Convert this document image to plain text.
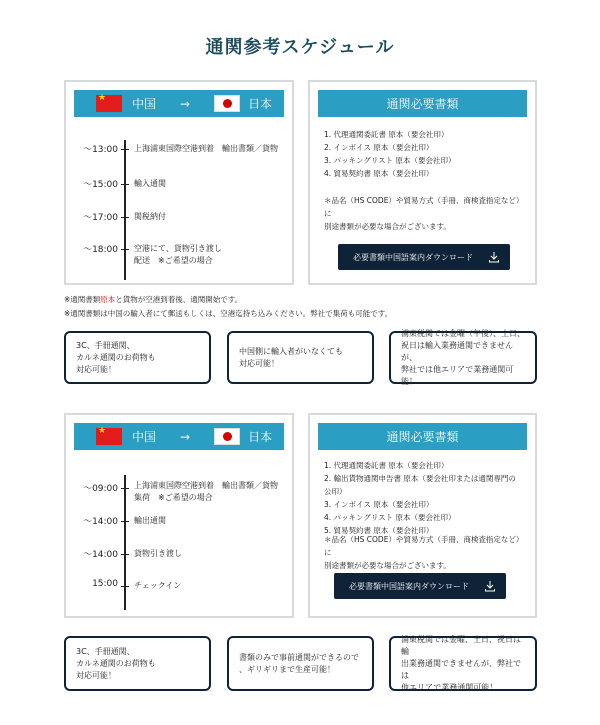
通関参考スケジュール
★
中国 →	日本
～13:00 上海浦東国際空港到着　輸出書類／貨物
～15:00 輸入通関
～17:00 関税納付
～18:00 空港にて、貨物引き渡し
配送　※ご希望の場合
通関必要書類
1. 代理通関委託書 原本（要会社印）
2. インボイス 原本（要会社印）
3. パッキングリスト 原本（要会社印）
4. 貿易契約書 原本（要会社印）
＊品名（HS CODE）や貿易方式（手冊、商検査指定など）に
別途書類が必要な場合がございます。
必要書類中国語案内ダウンロード
※通関書類原本と貨物が空港到着後、通関開始です。
※通関書類は中国の輸入者にて郵送もしくは、空港迄持ち込みください。弊社で集荷も可能です。
3C、手冊通関、
カルネ通関のお荷物も
対応可能！
中国側に輸入者がいなくても
対応可能！
浦東税関では金曜（午後）、土日、
祝日は輸入業務通関できませんが、
弊社では他エリアで業務通関可能！
★
中国 →	日本
～09:00 上海浦東国際空港到着　輸出書類／貨物
集荷　※ご希望の場合
～14:00 輸出通関
～14:00 貨物引き渡し
15:00 チェックイン
通関必要書類
1. 代理通関委託書 原本（要会社印）
2. 輸出貨物通関申告書 原本（要会社印または通関専門の公印）
3. インボイス 原本（要会社印）
4. パッキングリスト 原本（要会社印）
5. 貿易契約書 原本（要会社印）
＊品名（HS CODE）や貿易方式（手冊、商検査指定など）に
別途書類が必要な場合がございます。
必要書類中国語案内ダウンロード
3C、手冊通関、
カルネ通関のお荷物も
対応可能！
書類のみで事前通関ができるので
、ギリギリまで生産可能！
浦東税関では金曜、土日、祝日は輸
出業務通関できませんが、弊社では
他エリアで業務通関可能！
